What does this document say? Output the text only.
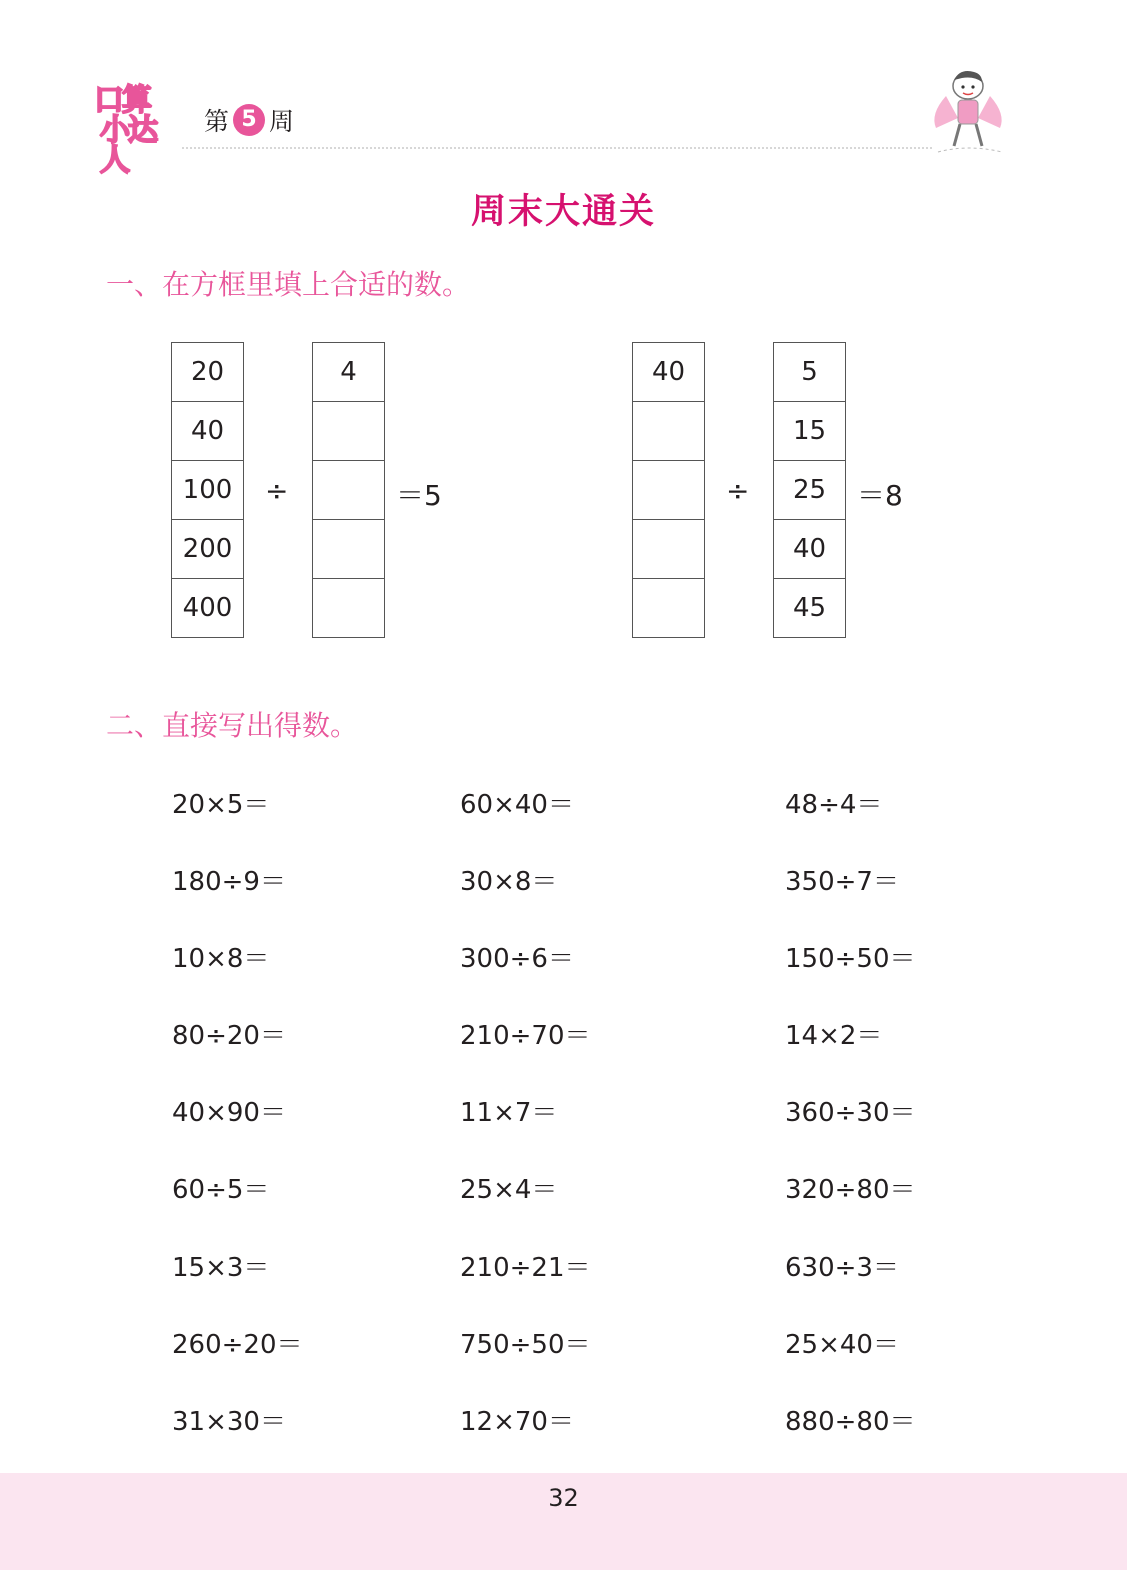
口算
小达人
第 5 周
周末大通关
一、在方框里填上合适的数。
20
40
100
200
400
÷
4
＝5
40
÷
5
15
25
40
45
＝8
二、直接写出得数。
20×5＝	60×40＝	48÷4＝
180÷9＝	30×8＝	350÷7＝
10×8＝	300÷6＝	150÷50＝
80÷20＝	210÷70＝	14×2＝
40×90＝	11×7＝	360÷30＝
60÷5＝	25×4＝	320÷80＝
15×3＝	210÷21＝	630÷3＝
260÷20＝	750÷50＝	25×40＝
31×30＝	12×70＝	880÷80＝
32
